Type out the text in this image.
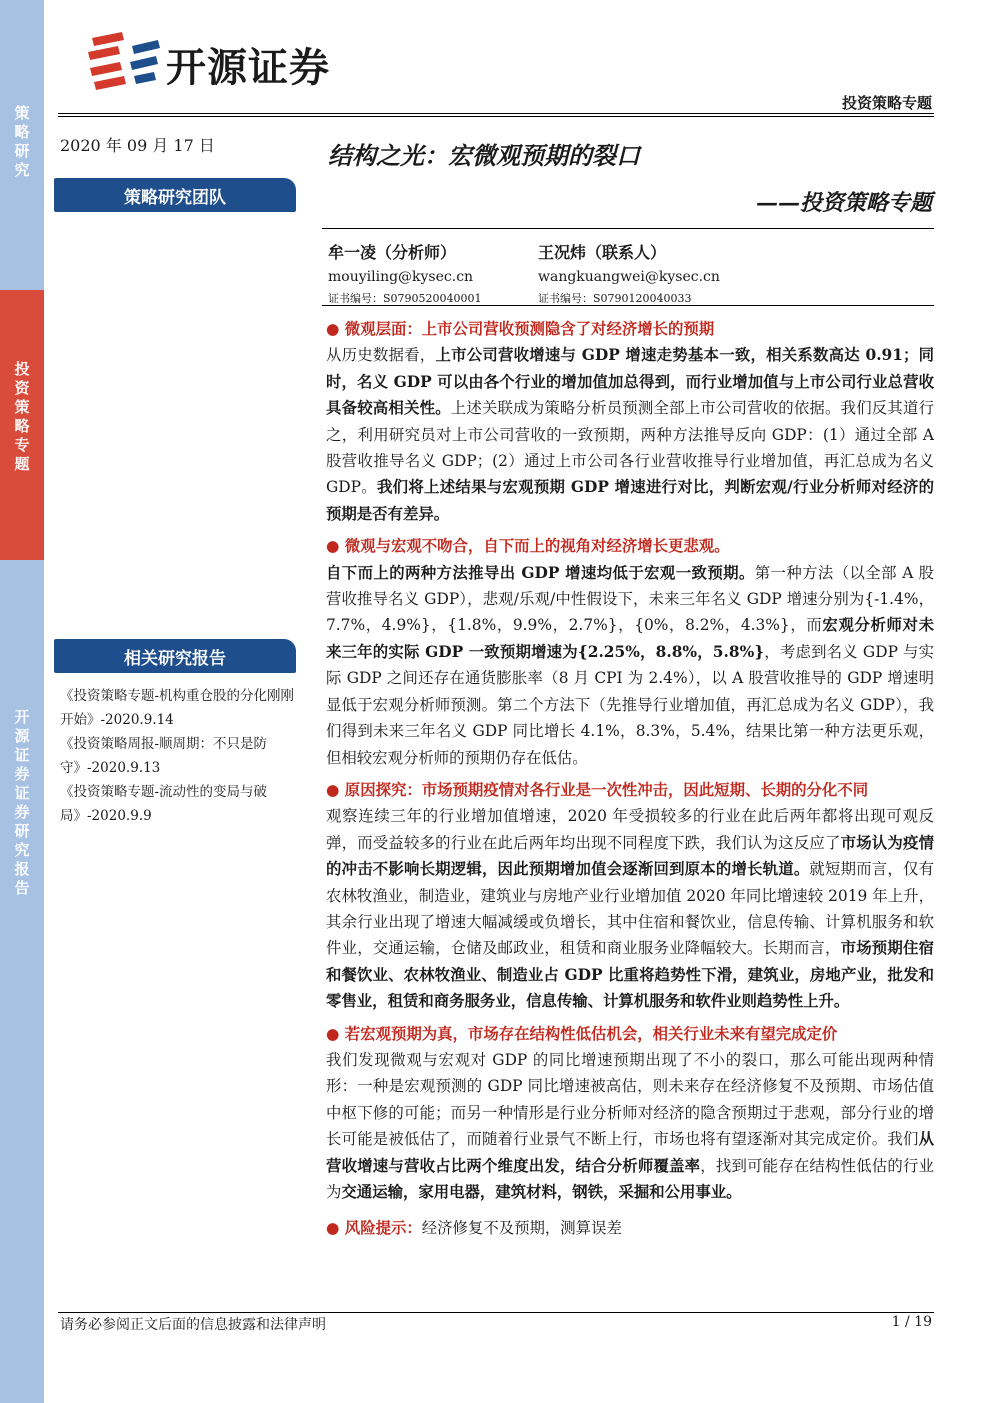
策略研究
投资策略专题
开源证券 证券研究报告
开源证券
投资策略专题
2020 年 09 月 17 日
策略研究团队
结构之光：宏微观预期的裂口
——投资策略专题
牟一凌（分析师）
mouyiling@kysec.cn
证书编号：S0790520040001
王况炜（联系人）
wangkuangwei@kysec.cn
证书编号：S0790120040033
相关研究报告
《投资策略专题-机构重仓股的分化刚刚开始》-2020.9.14
《投资策略周报-顺周期：不只是防守》-2020.9.13
《投资策略专题-流动性的变局与破局》-2020.9.9
● 微观层面：上市公司营收预测隐含了对经济增长的预期

从历史数据看，上市公司营收增速与 GDP 增速走势基本一致，相关系数高达 0.91；同时，名义 GDP 可以由各个行业的增加值加总得到，而行业增加值与上市公司行业总营收具备较高相关性。上述关联成为策略分析员预测全部上市公司营收的依据。我们反其道行之，利用研究员对上市公司营收的一致预期，两种方法推导反向 GDP：(1）通过全部 A 股营收推导名义 GDP；(2）通过上市公司各行业营收推导行业增加值，再汇总成为名义 GDP。我们将上述结果与宏观预期 GDP 增速进行对比，判断宏观/行业分析师对经济的预期是否有差异。

● 微观与宏观不吻合，自下而上的视角对经济增长更悲观。

自下而上的两种方法推导出 GDP 增速均低于宏观一致预期。第一种方法（以全部 A 股营收推导名义 GDP），悲观/乐观/中性假设下，未来三年名义 GDP 增速分别为{-1.4%，7.7%，4.9%}，{1.8%，9.9%，2.7%}，{0%，8.2%，4.3%}，而宏观分析师对未来三年的实际 GDP 一致预期增速为{2.25%，8.8%，5.8%}，考虑到名义 GDP 与实际 GDP 之间还存在通货膨胀率（8 月 CPI 为 2.4%），以 A 股营收推导的 GDP 增速明显低于宏观分析师预测。第二个方法下（先推导行业增加值，再汇总成为名义 GDP），我们得到未来三年名义 GDP 同比增长 4.1%，8.3%，5.4%，结果比第一种方法更乐观，但相较宏观分析师的预期仍存在低估。

● 原因探究：市场预期疫情对各行业是一次性冲击，因此短期、长期的分化不同

观察连续三年的行业增加值增速，2020 年受损较多的行业在此后两年都将出现可观反弹，而受益较多的行业在此后两年均出现不同程度下跌，我们认为这反应了市场认为疫情的冲击不影响长期逻辑，因此预期增加值会逐渐回到原本的增长轨道。就短期而言，仅有农林牧渔业，制造业，建筑业与房地产业行业增加值 2020 年同比增速较 2019 年上升，其余行业出现了增速大幅减缓或负增长，其中住宿和餐饮业，信息传输、计算机服务和软件业，交通运输，仓储及邮政业，租赁和商业服务业降幅较大。长期而言，市场预期住宿和餐饮业、农林牧渔业、制造业占 GDP 比重将趋势性下滑，建筑业，房地产业，批发和零售业，租赁和商务服务业，信息传输、计算机服务和软件业则趋势性上升。

● 若宏观预期为真，市场存在结构性低估机会，相关行业未来有望完成定价

我们发现微观与宏观对 GDP 的同比增速预期出现了不小的裂口，那么可能出现两种情形：一种是宏观预测的 GDP 同比增速被高估，则未来存在经济修复不及预期、市场估值中枢下修的可能；而另一种情形是行业分析师对经济的隐含预期过于悲观，部分行业的增长可能是被低估了，而随着行业景气不断上行，市场也将有望逐渐对其完成定价。我们从营收增速与营收占比两个维度出发，结合分析师覆盖率，找到可能存在结构性低估的行业为交通运输，家用电器，建筑材料，钢铁，采掘和公用事业。

● 风险提示：经济修复不及预期，测算误差
请务必参阅正文后面的信息披露和法律声明	1 / 19
